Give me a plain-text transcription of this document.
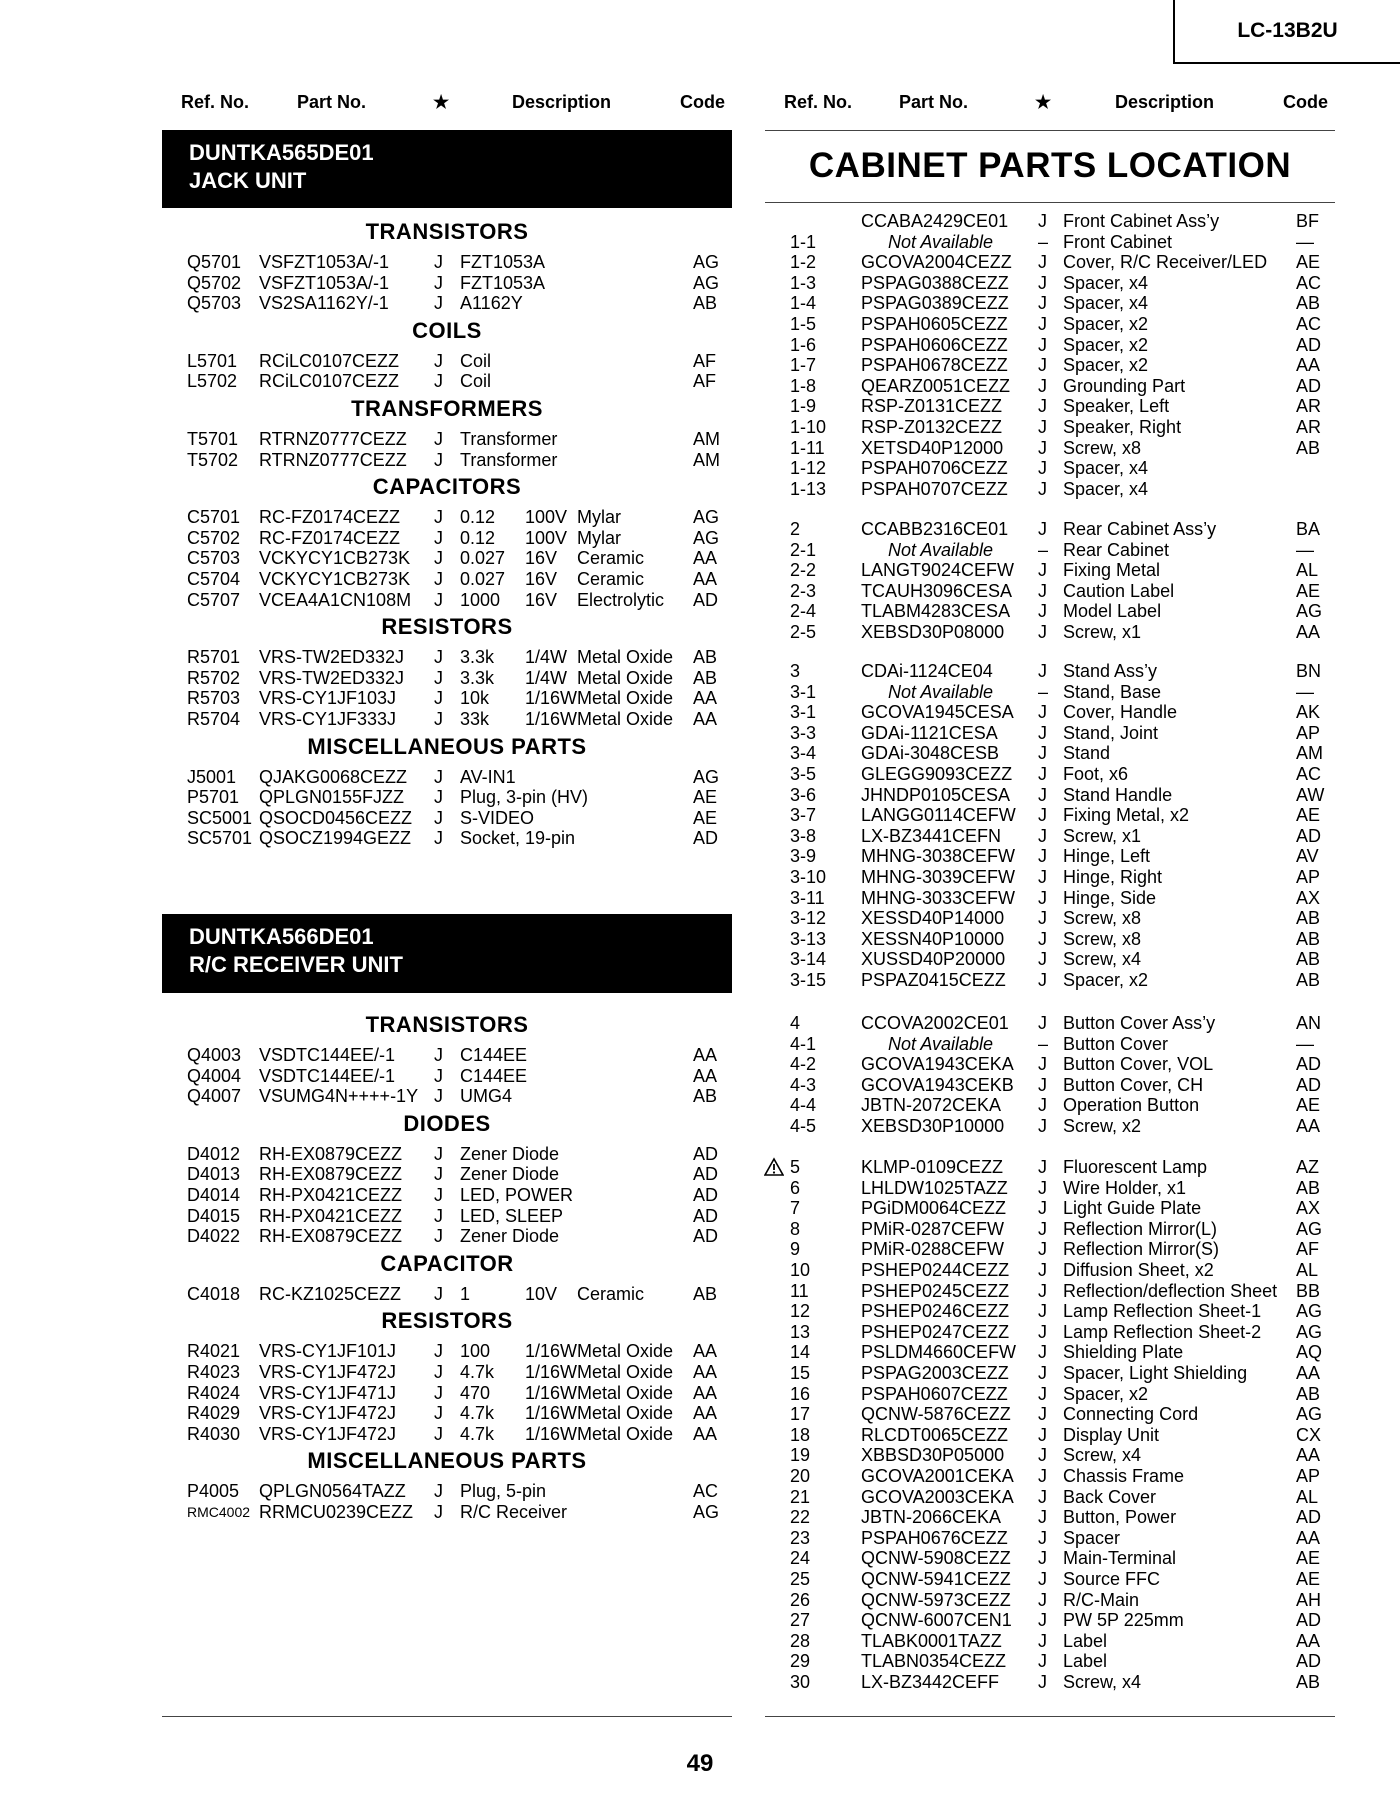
LC-13B2U
Ref. No.	Part No.	★	Description	Code	Ref. No.	Part No.	★	Description	Code
DUNTKA565DE01
JACK UNIT
DUNTKA566DE01
R/C RECEIVER UNIT
TRANSISTORS
Q5701 VSFZT1053A/-1 J FZT1053A	AG
Q5702 VSFZT1053A/-1 J FZT1053A	AG
Q5703 VS2SA1162Y/-1	J A1162Y	AB
COILS
L5701 RCiLC0107CEZZ J Coil	AF
L5702 RCiLC0107CEZZ J Coil	AF
TRANSFORMERS
T5701 RTRNZ0777CEZZ J Transformer	AM
T5702 RTRNZ0777CEZZ J Transformer	AM
CAPACITORS
C5701 RC-FZ0174CEZZ J 0.12 100V Mylar	AG
C5702 RC-FZ0174CEZZ J 0.12 100V Mylar	AG
C5703 VCKYCY1CB273K J 0.027 16V Ceramic	AA
C5704 VCKYCY1CB273K J 0.027 16V Ceramic	AA
C5707 VCEA4A1CN108M J 1000 16V Electrolytic AD
RESISTORS
R5701 VRS-TW2ED332J J 3.3k 1/4W Metal Oxide AB
R5702 VRS-TW2ED332J J 3.3k 1/4W Metal Oxide AB
R5703 VRS-CY1JF103J J 10k 1/16W Metal Oxide AA
R5704 VRS-CY1JF333J J 33k 1/16W Metal Oxide AA
MISCELLANEOUS PARTS
J5001 QJAKG0068CEZZ J AV-IN1	AG
P5701 QPLGN0155FJZZ J Plug, 3-pin (HV)	AE
SC5001 QSOCD0456CEZZ J S-VIDEO	AE
SC5701 QSOCZ1994GEZZ J Socket, 19-pin	AD
TRANSISTORS
Q4003 VSDTC144EE/-1 J C144EE	AA
Q4004 VSDTC144EE/-1 J C144EE	AA
Q4007 VSUMG4N++++-1Y J UMG4	AB
DIODES
D4012 RH-EX0879CEZZ J Zener Diode	AD
D4013 RH-EX0879CEZZ J Zener Diode	AD
D4014 RH-PX0421CEZZ J LED, POWER	AD
D4015 RH-PX0421CEZZ J LED, SLEEP	AD
D4022 RH-EX0879CEZZ J Zener Diode	AD
CAPACITOR
C4018 RC-KZ1025CEZZ J 1	10V Ceramic	AB
RESISTORS
R4021 VRS-CY1JF101J J 100 1/16W Metal Oxide AA
R4023 VRS-CY1JF472J J 4.7k 1/16W Metal Oxide AA
R4024 VRS-CY1JF471J J 470 1/16W Metal Oxide AA
R4029 VRS-CY1JF472J J 4.7k 1/16W Metal Oxide AA
R4030 VRS-CY1JF472J J 4.7k 1/16W Metal Oxide AA
MISCELLANEOUS PARTS
P4005 QPLGN0564TAZZ J Plug, 5-pin	AC
RMC4002 RRMCU0239CEZZ J R/C Receiver	AG
CABINET PARTS LOCATION
CCABA2429CE01 J Front Cabinet Ass’y	BF
1-1	Not Available – Front Cabinet	—
1-2 GCOVA2004CEZZ J Cover, R/C Receiver/LED AE
1-3 PSPAG0388CEZZ J Spacer, x4	AC
1-4 PSPAG0389CEZZ J Spacer, x4	AB
1-5 PSPAH0605CEZZ J Spacer, x2	AC
1-6 PSPAH0606CEZZ J Spacer, x2	AD
1-7 PSPAH0678CEZZ J Spacer, x2	AA
1-8 QEARZ0051CEZZ J Grounding Part	AD
1-9 RSP-Z0131CEZZ J Speaker, Left	AR
1-10 RSP-Z0132CEZZ J Speaker, Right	AR
1-11 XETSD40P12000 J Screw, x8	AB
1-12 PSPAH0706CEZZ J Spacer, x4
1-13 PSPAH0707CEZZ J Spacer, x4
2	CCABB2316CE01 J Rear Cabinet Ass’y	BA
2-1	Not Available – Rear Cabinet	—
2-2 LANGT9024CEFW J Fixing Metal	AL
2-3 TCAUH3096CESA J Caution Label	AE
2-4 TLABM4283CESA J Model Label	AG
2-5 XEBSD30P08000 J Screw, x1	AA
3	CDAi-1124CE04	J Stand Ass’y	BN
3-1	Not Available – Stand, Base	—
3-1 GCOVA1945CESA J Cover, Handle	AK
3-3 GDAi-1121CESA J Stand, Joint	AP
3-4 GDAi-3048CESB J Stand	AM
3-5 GLEGG9093CEZZ J Foot, x6	AC
3-6 JHNDP0105CESA J Stand Handle	AW
3-7 LANGG0114CEFW J Fixing Metal, x2	AE
3-8 LX-BZ3441CEFN J Screw, x1	AD
3-9 MHNG-3038CEFW J Hinge, Left	AV
3-10 MHNG-3039CEFW J Hinge, Right	AP
3-11 MHNG-3033CEFW J Hinge, Side	AX
3-12 XESSD40P14000 J Screw, x8	AB
3-13 XESSN40P10000 J Screw, x8	AB
3-14 XUSSD40P20000 J Screw, x4	AB
3-15 PSPAZ0415CEZZ J Spacer, x2	AB
4	CCOVA2002CE01 J Button Cover Ass’y	AN
4-1	Not Available – Button Cover	—
4-2 GCOVA1943CEKA J Button Cover, VOL	AD
4-3 GCOVA1943CEKB J Button Cover, CH	AD
4-4 JBTN-2072CEKA J Operation Button	AE
4-5 XEBSD30P10000 J Screw, x2	AA
5	KLMP-0109CEZZ J Fluorescent Lamp	AZ
6	LHLDW1025TAZZ J Wire Holder, x1	AB
7	PGiDM0064CEZZ J Light Guide Plate	AX
8	PMiR-0287CEFW J Reflection Mirror(L)	AG
9	PMiR-0288CEFW J Reflection Mirror(S)	AF
10	PSHEP0244CEZZ J Diffusion Sheet, x2	AL
11	PSHEP0245CEZZ J Reflection/deflection Sheet BB
12	PSHEP0246CEZZ J Lamp Reflection Sheet-1 AG
13	PSHEP0247CEZZ J Lamp Reflection Sheet-2 AG
14	PSLDM4660CEFW J Shielding Plate	AQ
15	PSPAG2003CEZZ J Spacer, Light Shielding	AA
16	PSPAH0607CEZZ J Spacer, x2	AB
17	QCNW-5876CEZZ J Connecting Cord	AG
18	RLCDT0065CEZZ J Display Unit	CX
19	XBBSD30P05000 J Screw, x4	AA
20	GCOVA2001CEKA J Chassis Frame	AP
21	GCOVA2003CEKA J Back Cover	AL
22	JBTN-2066CEKA J Button, Power	AD
23	PSPAH0676CEZZ J Spacer	AA
24	QCNW-5908CEZZ J Main-Terminal	AE
25	QCNW-5941CEZZ J Source FFC	AE
26	QCNW-5973CEZZ J R/C-Main	AH
27	QCNW-6007CEN1 J PW 5P 225mm	AD
28	TLABK0001TAZZ J Label	AA
29	TLABN0354CEZZ J Label	AD
30	LX-BZ3442CEFF J Screw, x4	AB
49
